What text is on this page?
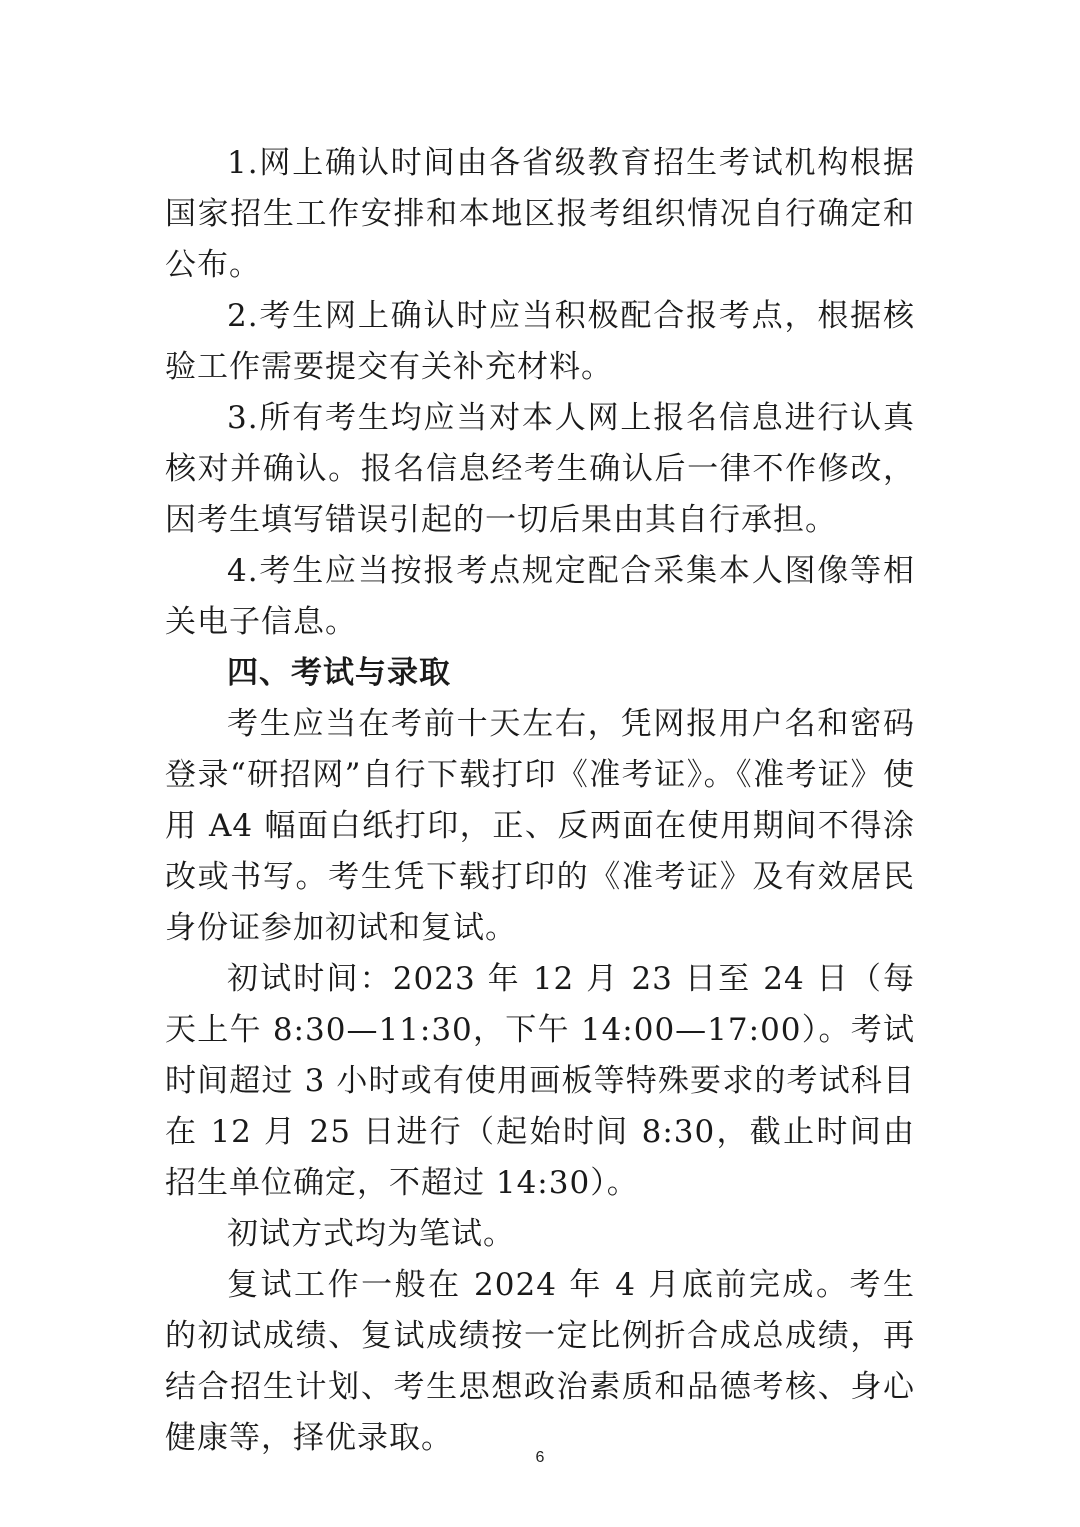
1.网上确认时间由各省级教育招生考试机构根据国家招生工作安排和本地区报考组织情况自行确定和公布。

2.考生网上确认时应当积极配合报考点，根据核验工作需要提交有关补充材料。

3.所有考生均应当对本人网上报名信息进行认真核对并确认。报名信息经考生确认后一律不作修改，因考生填写错误引起的一切后果由其自行承担。

4.考生应当按报考点规定配合采集本人图像等相关电子信息。

四、考试与录取

考生应当在考前十天左右，凭网报用户名和密码登录“研招网”自行下载打印《准考证》。《准考证》使用 A4 幅面白纸打印，正、反两面在使用期间不得涂改或书写。考生凭下载打印的《准考证》及有效居民身份证参加初试和复试。

初试时间：2023 年 12 月 23 日至 24 日（每天上午 8:30—11:30，下午 14:00—17:00）。考试时间超过 3 小时或有使用画板等特殊要求的考试科目在 12 月 25 日进行（起始时间 8:30，截止时间由招生单位确定，不超过 14:30）。

初试方式均为笔试。

复试工作一般在 2024 年 4 月底前完成。考生的初试成绩、复试成绩按一定比例折合成总成绩，再结合招生计划、考生思想政治素质和品德考核、身心健康等，择优录取。

6
